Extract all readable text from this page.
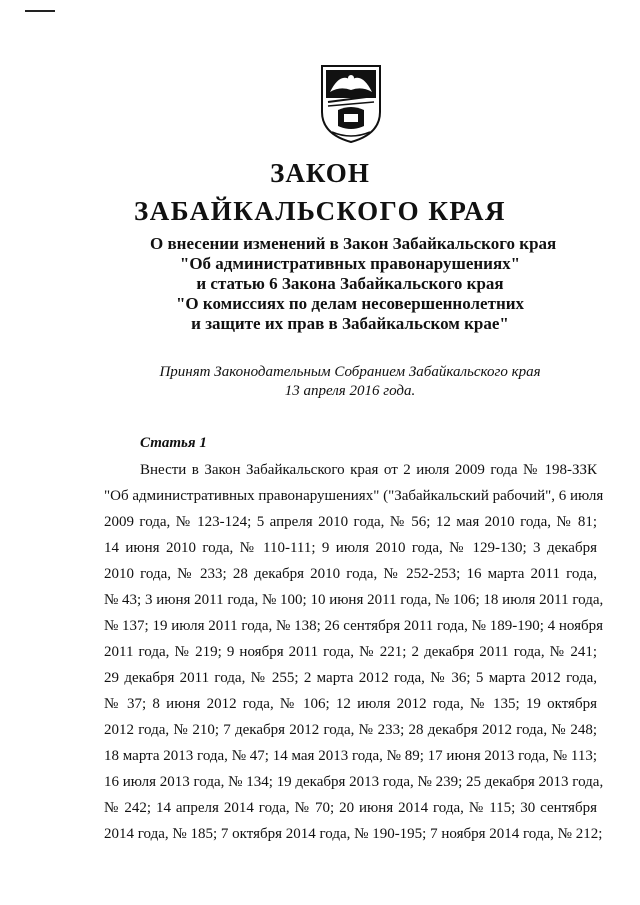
ЗАКОН
ЗАБАЙКАЛЬСКОГО КРАЯ
О внесении изменений в Закон Забайкальского края
"Об административных правонарушениях"
и статью 6 Закона Забайкальского края
"О комиссиях по делам несовершеннолетних
и защите их прав в Забайкальском крае"
Принят Законодательным Собранием Забайкальского края
13 апреля 2016 года.
Статья 1
Внести в Закон Забайкальского края от 2 июля 2009 года № 198-ЗЗК
"Об административных правонарушениях" ("Забайкальский рабочий", 6 июля
2009 года, № 123-124; 5 апреля 2010 года, № 56; 12 мая 2010 года, № 81;
14 июня 2010 года, № 110-111; 9 июля 2010 года, № 129-130; 3 декабря
2010 года, № 233; 28 декабря 2010 года, № 252-253; 16 марта 2011 года,
№ 43; 3 июня 2011 года, № 100; 10 июня 2011 года, № 106; 18 июля 2011 года,
№ 137; 19 июля 2011 года, № 138; 26 сентября 2011 года, № 189-190; 4 ноября
2011 года, № 219; 9 ноября 2011 года, № 221; 2 декабря 2011 года, № 241;
29 декабря 2011 года, № 255; 2 марта 2012 года, № 36; 5 марта 2012 года,
№ 37; 8 июня 2012 года, № 106; 12 июля 2012 года, № 135; 19 октября
2012 года, № 210; 7 декабря 2012 года, № 233; 28 декабря 2012 года, № 248;
18 марта 2013 года, № 47; 14 мая 2013 года, № 89; 17 июня 2013 года, № 113;
16 июля 2013 года, № 134; 19 декабря 2013 года, № 239; 25 декабря 2013 года,
№ 242; 14 апреля 2014 года, № 70; 20 июня 2014 года, № 115; 30 сентября
2014 года, № 185; 7 октября 2014 года, № 190-195; 7 ноября 2014 года, № 212;
